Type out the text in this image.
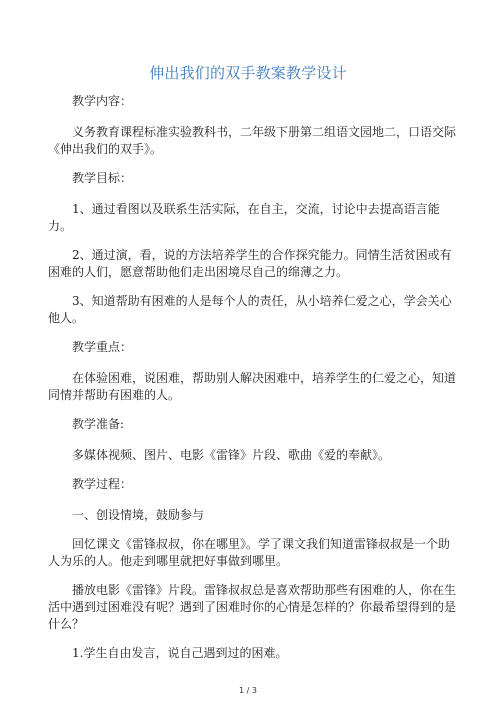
伸出我们的双手教案教学设计

教学内容：

义务教育课程标准实验教科书，二年级下册第二组语文园地二，口语交际《伸出我们的双手》。

教学目标：

1、通过看图以及联系生活实际，在自主，交流，讨论中去提高语言能力。

2、通过演，看，说的方法培养学生的合作探究能力。同情生活贫困或有困难的人们，愿意帮助他们走出困境尽自己的绵薄之力。

3、知道帮助有困难的人是每个人的责任，从小培养仁爱之心，学会关心他人。

教学重点：

在体验困难，说困难，帮助别人解决困难中，培养学生的仁爱之心，知道同情并帮助有困难的人。

教学准备:

多媒体视频、图片、电影《雷锋》片段、歌曲《爱的奉献》。

教学过程：

一、创设情境，鼓励参与

回忆课文《雷锋叔叔，你在哪里》。学了课文我们知道雷锋叔叔是一个助人为乐的人。他走到哪里就把好事做到哪里。

播放电影《雷锋》片段。雷锋叔叔总是喜欢帮助那些有困难的人，你在生活中遇到过困难没有呢？遇到了困难时你的心情是怎样的？你最希望得到的是什么？

1.学生自由发言，说自己遇到过的困难。

1 / 3
